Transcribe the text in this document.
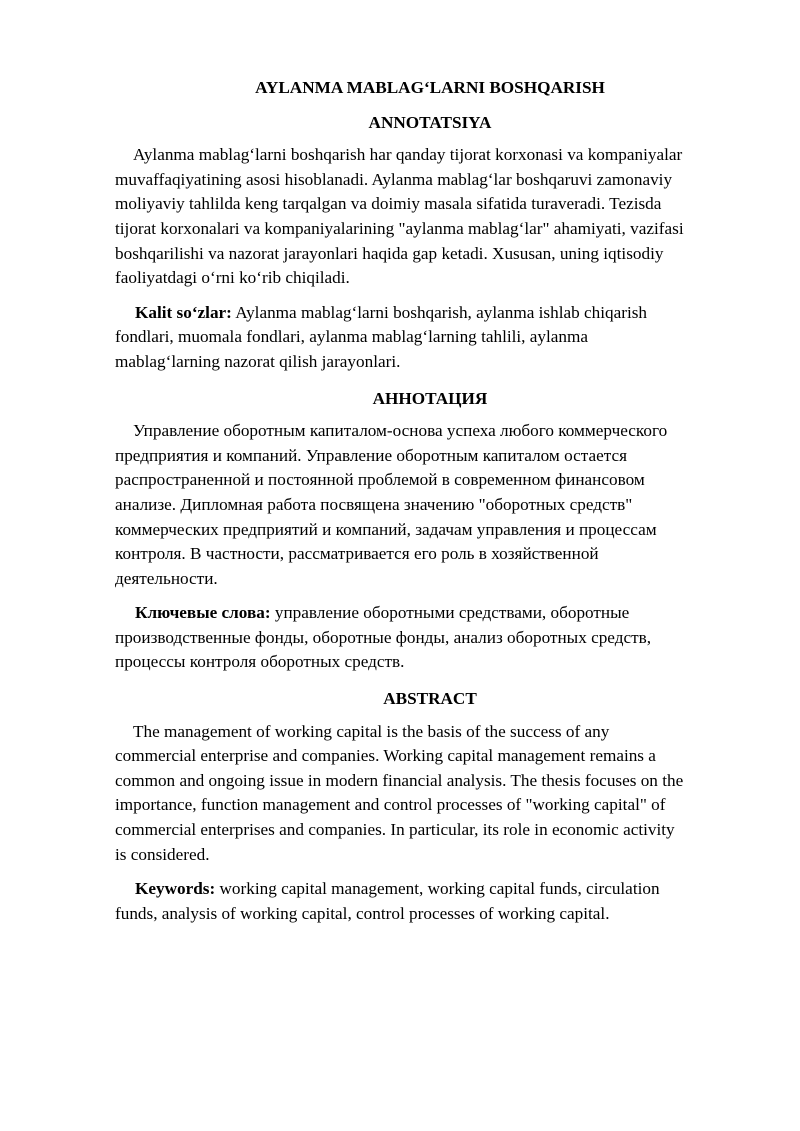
AYLANMA MABLAG‘LARNI BOSHQARISH
ANNOTATSIYA

Aylanma mablag‘larni boshqarish har qanday tijorat korxonasi va kompaniyalar
muvaffaqiyatining asosi hisoblanadi. Aylanma mablag‘lar boshqaruvi zamonaviy
moliyaviy tahlilda keng tarqalgan va doimiy masala sifatida turaveradi. Tezisda
tijorat korxonalari va kompaniyalarining "aylanma mablag‘lar" ahamiyati, vazifasi
boshqarilishi va nazorat jarayonlari haqida gap ketadi. Xususan, uning iqtisodiy
faoliyatdagi o‘rni ko‘rib chiqiladi.

Kalit so‘zlar: Aylanma mablag‘larni boshqarish, aylanma ishlab chiqarish
fondlari, muomala fondlari, aylanma mablag‘larning tahlili, aylanma
mablag‘larning nazorat qilish jarayonlari.

АННОТАЦИЯ

Управление оборотным капиталом-основа успеха любого коммерческого
предприятия и компаний. Управление оборотным капиталом остается
распространенной и постоянной проблемой в современном финансовом
анализе. Дипломная работа посвящена значению "оборотных средств"
коммерческих предприятий и компаний, задачам управления и процессам
контроля. В частности, рассматривается его роль в хозяйственной
деятельности.

Ключевые слова: управление оборотными средствами, оборотные
производственные фонды, оборотные фонды, анализ оборотных средств,
процессы контроля оборотных средств.

ABSTRACT

The management of working capital is the basis of the success of any
commercial enterprise and companies. Working capital management remains a
common and ongoing issue in modern financial analysis. The thesis focuses on the
importance, function management and control processes of "working capital" of
commercial enterprises and companies. In particular, its role in economic activity
is considered.

Keywords: working capital management, working capital funds, circulation
funds, analysis of working capital, control processes of working capital.
